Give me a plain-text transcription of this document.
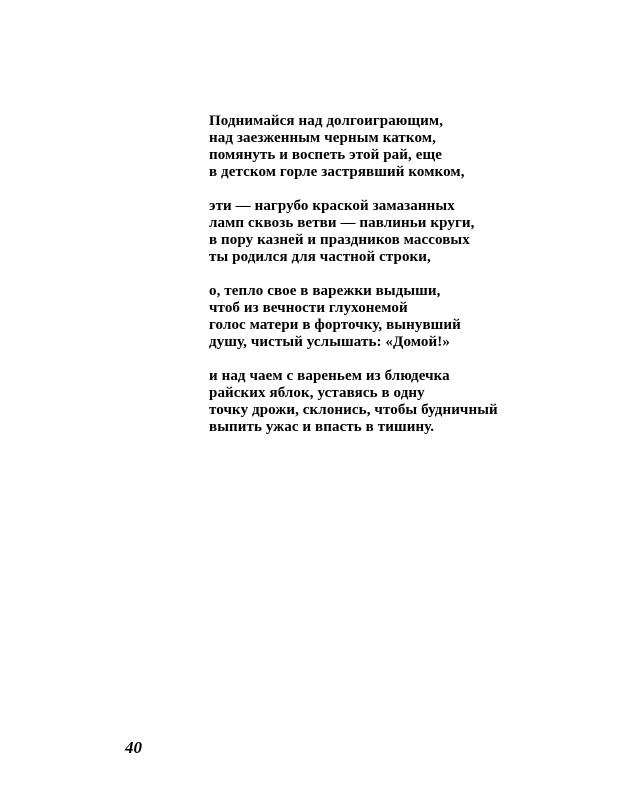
Поднимайся над долгоиграющим,
над заезженным черным катком,
помянуть и воспеть этой рай, еще
в детском горле застрявший комком,
эти — нагрубо краской замазанных
ламп сквозь ветви — павлиньи круги,
в пору казней и праздников массовых
ты родился для частной строки,
о, тепло свое в варежки выдыши,
чтоб из вечности глухонемой
голос матери в форточку, вынувший
душу, чистый услышать: «Домой!»
и над чаем с вареньем из блюдечка
райских яблок, уставясь в одну
точку дрожи, склонись, чтобы будничный
выпить ужас и впасть в тишину.
40
